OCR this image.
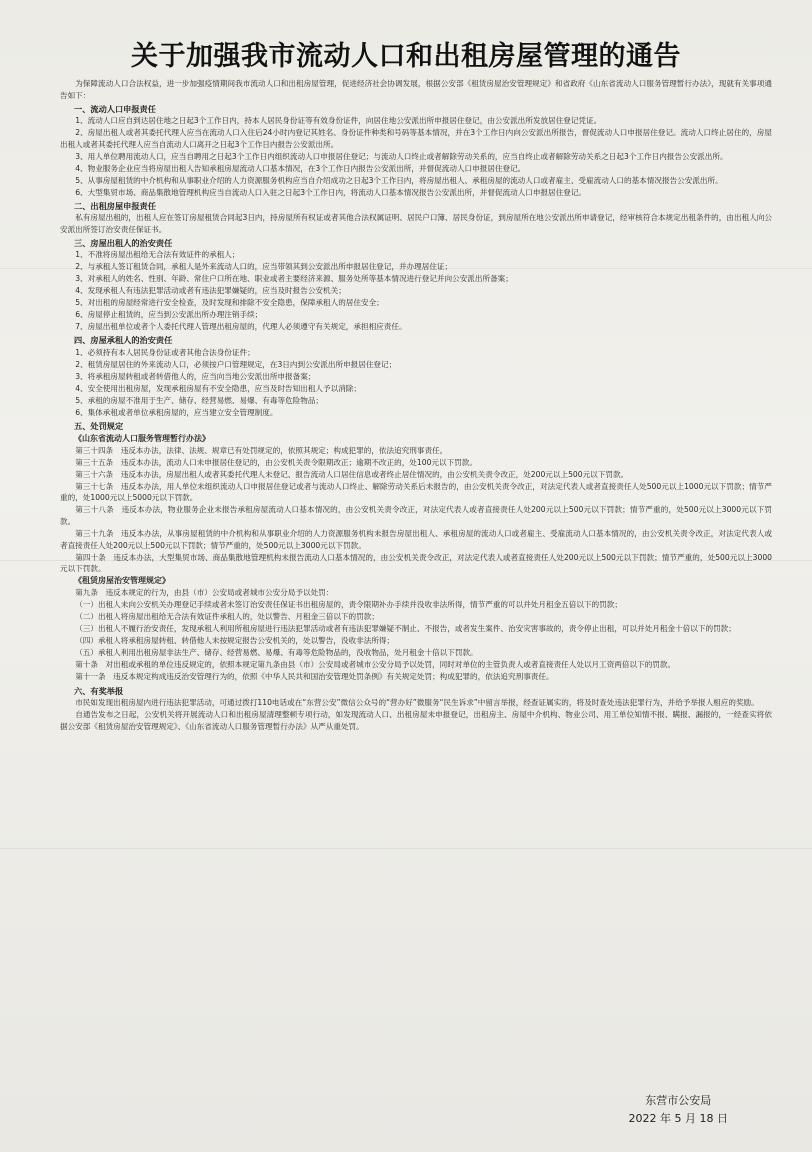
关于加强我市流动人口和出租房屋管理的通告

为保障流动人口合法权益，进一步加强疫情期间我市流动人口和出租房屋管理，促进经济社会协调发展，根据公安部《租赁房屋治安管理规定》和省政府《山东省流动人口服务管理暂行办法》，现就有关事项通告如下：

一、流动人口申报责任

1、流动人口应自到达居住地之日起3个工作日内，持本人居民身份证等有效身份证件，向居住地公安派出所申报居住登记，由公安派出所发放居住登记凭证。

2、房屋出租人或者其委托代理人应当在流动人口入住后24小时内登记其姓名、身份证件种类和号码等基本情况，并在3个工作日内向公安派出所报告，督促流动人口申报居住登记。流动人口终止居住的，房屋出租人或者其委托代理人应当自流动人口离开之日起3个工作日内报告公安派出所。

3、用人单位聘用流动人口，应当自聘用之日起3个工作日内组织流动人口申报居住登记；与流动人口终止或者解除劳动关系的，应当自终止或者解除劳动关系之日起3个工作日内报告公安派出所。

4、物业服务企业应当将房屋出租人告知承租房屋流动人口基本情况，在3个工作日内报告公安派出所，并督促流动人口申报居住登记。

5、从事房屋租赁的中介机构和从事职业介绍的人力资源服务机构应当自介绍成功之日起3个工作日内，将房屋出租人、承租房屋的流动人口或者雇主、受雇流动人口的基本情况报告公安派出所。

6、大型集贸市场、商品集散地管理机构应当自流动人口入驻之日起3个工作日内，将流动人口基本情况报告公安派出所，并督促流动人口申报居住登记。

二、出租房屋申报责任

私有房屋出租的，出租人应在签订房屋租赁合同起3日内，持房屋所有权证或者其他合法权属证明、居民户口簿、居民身份证，到房屋所在地公安派出所申请登记，经审核符合本规定出租条件的，由出租人向公安派出所签订治安责任保证书。

三、房屋出租人的治安责任

1、不准将房屋出租给无合法有效证件的承租人；

2、与承租人签订租赁合同，承租人是外来流动人口的，应当带领其到公安派出所申报居住登记，并办理居住证；

3、对承租人的姓名、性别、年龄、常住户口所在地、职业或者主要经济来源、服务处所等基本情况进行登记并向公安派出所备案；

4、发现承租人有违法犯罪活动或者有违法犯罪嫌疑的，应当及时报告公安机关；

5、对出租的房屋经常进行安全检查，及时发现和排除不安全隐患，保障承租人的居住安全；

6、房屋停止租赁的，应当到公安派出所办理注销手续；

7、房屋出租单位或者个人委托代理人管理出租房屋的，代理人必须遵守有关规定，承担相应责任。

四、房屋承租人的治安责任

1、必须持有本人居民身份证或者其他合法身份证件；

2、租赁房屋居住的外来流动人口，必须按户口管理规定，在3日内到公安派出所申报居住登记；

3、将承租房屋转租或者转借他人的，应当向当地公安派出所申报备案；

4、安全使用出租房屋，发现承租房屋有不安全隐患，应当及时告知出租人予以消除；

5、承租的房屋不准用于生产、储存、经营易燃、易爆、有毒等危险物品；

6、集体承租或者单位承租房屋的，应当建立安全管理制度。

五、处罚规定
《山东省流动人口服务管理暂行办法》

第三十四条　违反本办法，法律、法规、规章已有处罚规定的，依照其规定；构成犯罪的，依法追究刑事责任。

第三十五条　违反本办法，流动人口未申报居住登记的，由公安机关责令限期改正；逾期不改正的，处100元以下罚款。

第三十六条　违反本办法，房屋出租人或者其委托代理人未登记、报告流动人口居住信息或者终止居住情况的，由公安机关责令改正，处200元以上500元以下罚款。

第三十七条　违反本办法，用人单位未组织流动人口申报居住登记或者与流动人口终止、解除劳动关系后未报告的，由公安机关责令改正，对法定代表人或者直接责任人处500元以上1000元以下罚款；情节严重的，处1000元以上5000元以下罚款。

第三十八条　违反本办法，物业服务企业未报告承租房屋流动人口基本情况的，由公安机关责令改正，对法定代表人或者直接责任人处200元以上500元以下罚款；情节严重的，处500元以上3000元以下罚款。

第三十九条　违反本办法，从事房屋租赁的中介机构和从事职业介绍的人力资源服务机构未报告房屋出租人、承租房屋的流动人口或者雇主、受雇流动人口基本情况的，由公安机关责令改正，对法定代表人或者直接责任人处200元以上500元以下罚款；情节严重的，处500元以上3000元以下罚款。

第四十条　违反本办法，大型集贸市场、商品集散地管理机构未报告流动人口基本情况的，由公安机关责令改正，对法定代表人或者直接责任人处200元以上500元以下罚款；情节严重的，处500元以上3000元以下罚款。

《租赁房屋治安管理规定》

第九条　违反本规定的行为，由县（市）公安局或者城市公安分局予以处罚：

（一）出租人未向公安机关办理登记手续或者未签订治安责任保证书出租房屋的，责令限期补办手续并没收非法所得，情节严重的可以并处月租金五倍以下的罚款；

（二）出租人将房屋出租给无合法有效证件承租人的，处以警告、月租金三倍以下的罚款；

（三）出租人不履行治安责任，发现承租人利用所租房屋进行违法犯罪活动或者有违法犯罪嫌疑不制止、不报告，或者发生案件、治安灾害事故的，责令停止出租，可以并处月租金十倍以下的罚款；

（四）承租人将承租房屋转租、转借他人未按规定报告公安机关的，处以警告，没收非法所得；

（五）承租人利用出租房屋非法生产、储存、经营易燃、易爆、有毒等危险物品的，没收物品，处月租金十倍以下罚款。

第十条　对出租或承租的单位违反规定的，依照本规定第九条由县（市）公安局或者城市公安分局予以处罚，同时对单位的主管负责人或者直接责任人处以月工资两倍以下的罚款。

第十一条　违反本规定构成违反治安管理行为的，依照《中华人民共和国治安管理处罚条例》有关规定处罚；构成犯罪的，依法追究刑事责任。

六、有奖举报

市民如发现出租房屋内进行违法犯罪活动，可通过拨打110电话或在“东营公安”微信公众号的“营办好”微服务“民生诉求”中留言举报，经查证属实的，将及时查处违法犯罪行为，并给予举报人相应的奖励。

自通告发布之日起，公安机关将开展流动人口和出租房屋清理整顿专项行动，如发现流动人口、出租房屋未申报登记，出租房主、房屋中介机构、物业公司、用工单位知情不报、瞒报、漏报的，一经查实将依据公安部《租赁房屋治安管理规定》、《山东省流动人口服务管理暂行办法》从严从重处罚。

东营市公安局
2022 年 5 月 18 日
